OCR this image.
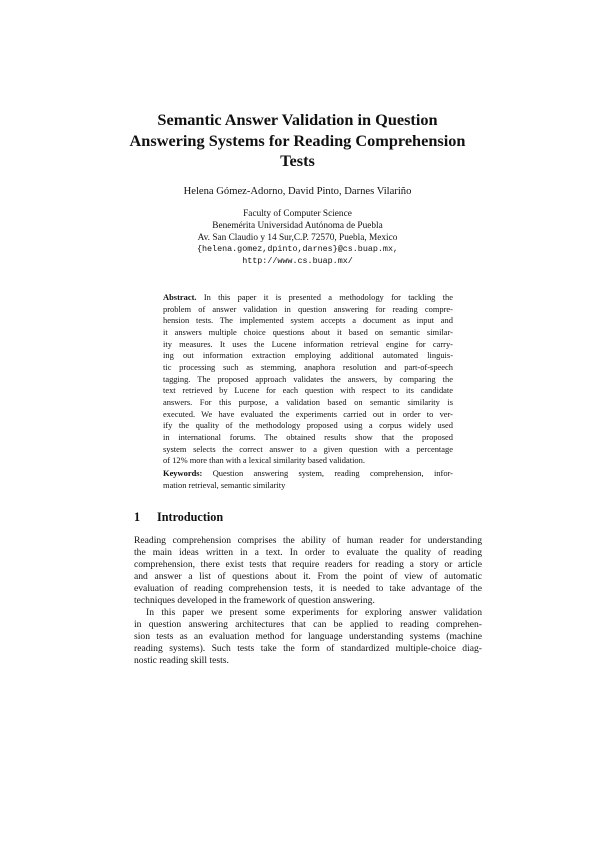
Semantic Answer Validation in Question
Answering Systems for Reading Comprehension
Tests
Helena Gómez-Adorno, David Pinto, Darnes Vilariño
Faculty of Computer Science
Benemérita Universidad Autónoma de Puebla
Av. San Claudio y 14 Sur,C.P. 72570, Puebla, Mexico
{helena.gomez,dpinto,darnes}@cs.buap.mx,
http://www.cs.buap.mx/
Abstract. In this paper it is presented a methodology for tackling the
problem of answer validation in question answering for reading compre-
hension tests. The implemented system accepts a document as input and
it answers multiple choice questions about it based on semantic similar-
ity measures. It uses the Lucene information retrieval engine for carry-
ing out information extraction employing additional automated linguis-
tic processing such as stemming, anaphora resolution and part-of-speech
tagging. The proposed approach validates the answers, by comparing the
text retrieved by Lucene for each question with respect to its candidate
answers. For this purpose, a validation based on semantic similarity is
executed. We have evaluated the experiments carried out in order to ver-
ify the quality of the methodology proposed using a corpus widely used
in international forums. The obtained results show that the proposed
system selects the correct answer to a given question with a percentage
of 12% more than with a lexical similarity based validation.
Keywords: Question answering system, reading comprehension, infor-
mation retrieval, semantic similarity
1 Introduction
Reading comprehension comprises the ability of human reader for understanding
the main ideas written in a text. In order to evaluate the quality of reading
comprehension, there exist tests that require readers for reading a story or article
and answer a list of questions about it. From the point of view of automatic
evaluation of reading comprehension tests, it is needed to take advantage of the
techniques developed in the framework of question answering.
In this paper we present some experiments for exploring answer validation
in question answering architectures that can be applied to reading comprehen-
sion tests as an evaluation method for language understanding systems (machine
reading systems). Such tests take the form of standardized multiple-choice diag-
nostic reading skill tests.
